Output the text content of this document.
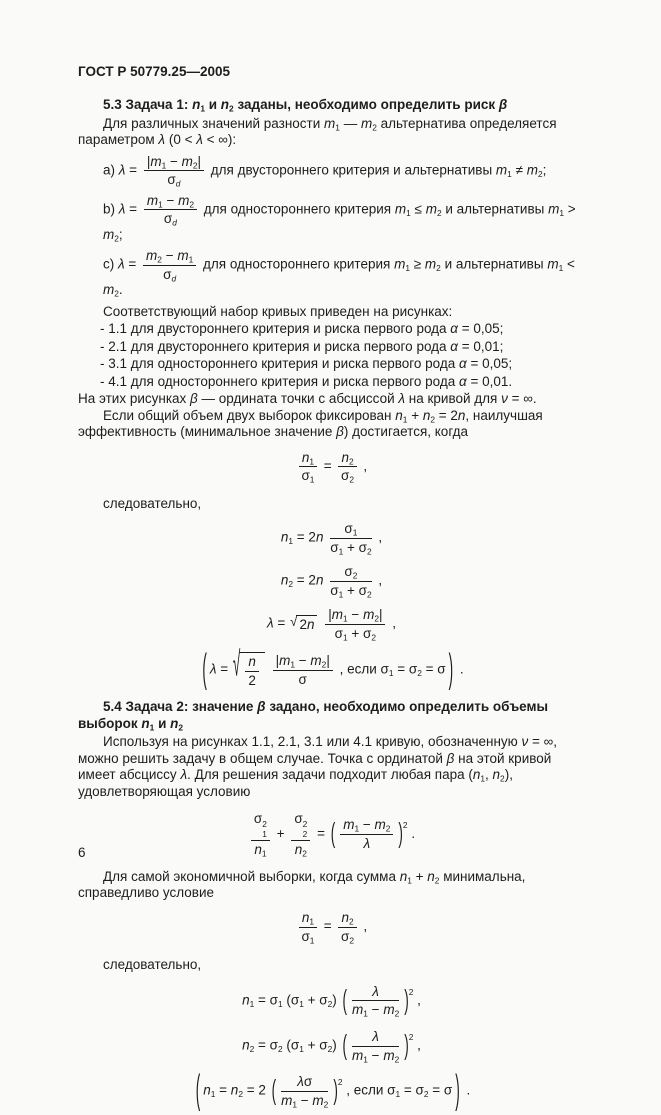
ГОСТ Р 50779.25—2005

5.3 Задача 1: $n_1$ и $n_2$ заданы, необходимо определить риск β

Для различных значений разности $m_1$ — $m_2$ альтернатива определяется параметром λ (0 < λ < ∞):

a) $\lambda = \frac{|m_1 - m_2|}{\sigma_d}$ для двустороннего критерия и альтернативы $m_1 \ne m_2$;
b) $\lambda = \frac{m_1 - m_2}{\sigma_d}$ для одностороннего критерия $m_1 \le m_2$ и альтернативы $m_1 > m_2$;
c) $\lambda = \frac{m_2 - m_1}{\sigma_d}$ для одностороннего критерия $m_1 \ge m_2$ и альтернативы $m_1 < m_2$.

Соответствующий набор кривых приведен на рисунках:

- 1.1 для двустороннего критерия и риска первого рода α = 0,05;
- 2.1 для двустороннего критерия и риска первого рода α = 0,01;
- 3.1 для одностороннего критерия и риска первого рода α = 0,05;
- 4.1 для одностороннего критерия и риска первого рода α = 0,01.

На этих рисунках β — ордината точки с абсциссой λ на кривой для ν = ∞.

Если общий объем двух выборок фиксирован $n_1 + n_2 = 2n$, наилучшая эффективность (минимальное значение β) достигается, когда

$\frac{n_1}{\sigma_1} = \frac{n_2}{\sigma_2}$ ,

следовательно,

$n_1 = 2n \frac{\sigma_1}{\sigma_1 + \sigma_2}$ ,
$n_2 = 2n \frac{\sigma_2}{\sigma_1 + \sigma_2}$ ,
λ = √ 2n
$\frac{|m_1 - m_2|}{\sigma_1 + \sigma_2}$ ,
( λ = √ $\frac{n}{2}$
$\frac{|m_1 - m_2|}{\sigma}$ , если $\sigma_1 = \sigma_2 = \sigma$ ) .

5.4 Задача 2: значение β задано, необходимо определить объемы выборок $n_1$ и $n_2$

Используя на рисунках 1.1, 2.1, 3.1 или 4.1 кривую, обозначенную ν = ∞, можно решить задачу в общем случае. Точка с ординатой β на этой кривой имеет абсциссу λ. Для решения задачи подходит любая пара ($n_1$, $n_2$), удовлетворяющая условию

σ 2
1
$n_1 + \sigma$ 2
2
$n_2$ = ( $\frac{m_1 - m_2}{\lambda} )^2$ .

Для самой экономичной выборки, когда сумма $n_1 + n_2$ минимальна, справедливо условие

$\frac{n_1}{\sigma_1} = \frac{n_2}{\sigma_2}$ ,

следовательно,

$n_1 = \sigma_1$ $(\sigma_1 + \sigma_2)$ ( $\frac{\lambda}{m_1 - m_2} )^2$ ,
$n_2 = \sigma_2$ $(\sigma_1 + \sigma_2)$ ( $\frac{\lambda}{m_1 - m_2} )^2$ ,
( $n_1 = n_2 = 2$ ( $\frac{\lambda\sigma}{m_1 - m_2} )^2$ , если $\sigma_1 = \sigma_2 = \sigma$ ) .
6
